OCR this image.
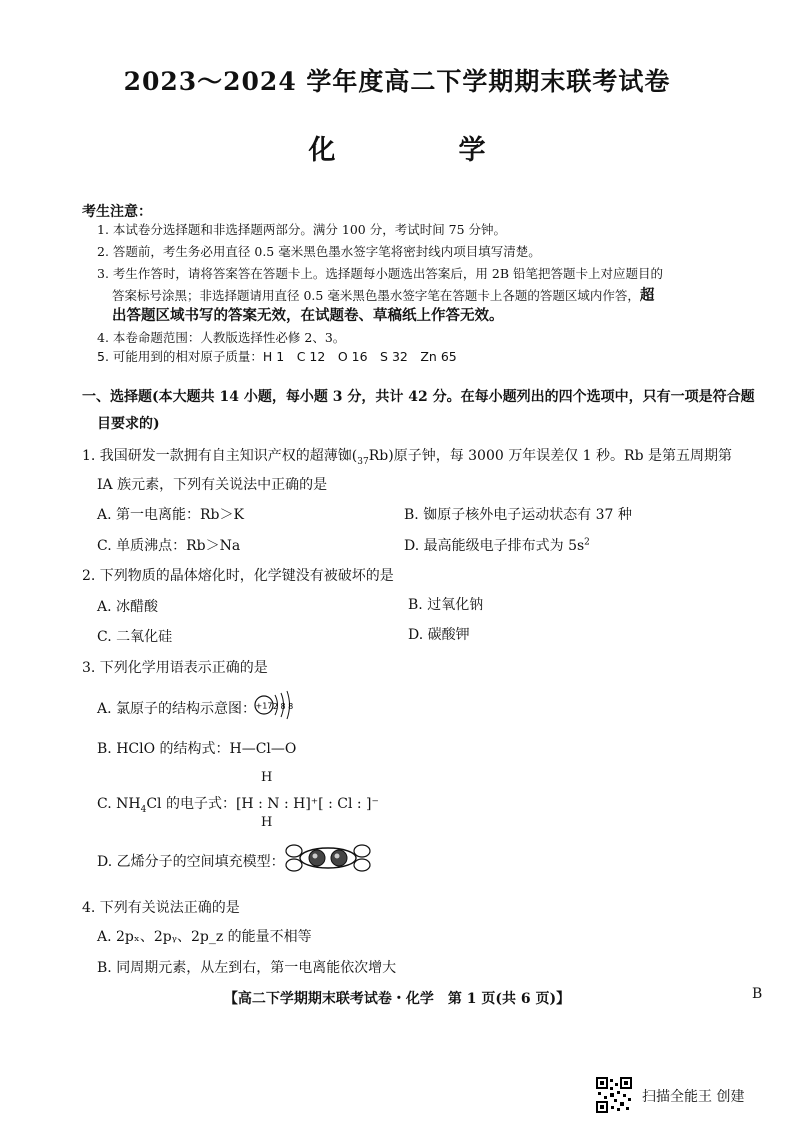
2023～2024 学年度高二下学期期末联考试卷
化　学
考生注意：
1. 本试卷分选择题和非选择题两部分。满分 100 分，考试时间 75 分钟。
2. 答题前，考生务必用直径 0.5 毫米黑色墨水签字笔将密封线内项目填写清楚。
3. 考生作答时，请将答案答在答题卡上。选择题每小题选出答案后，用 2B 铅笔把答题卡上对应题目的
答案标号涂黑；非选择题请用直径 0.5 毫米黑色墨水签字笔在答题卡上各题的答题区域内作答，超
出答题区域书写的答案无效，在试题卷、草稿纸上作答无效。
4. 本卷命题范围：人教版选择性必修 2、3。
5. 可能用到的相对原子质量：H 1　C 12　O 16　S 32　Zn 65
一、选择题(本大题共 14 小题，每小题 3 分，共计 42 分。在每小题列出的四个选项中，只有一项是符合题
目要求的)
1. 我国研发一款拥有自主知识产权的超薄铷$(_{37}Rb)$原子钟，每 3000 万年误差仅 1 秒。Rb 是第五周期第
ⅠA 族元素，下列有关说法中正确的是
A. 第一电离能：Rb＞K	B. 铷原子核外电子运动状态有 37 种
C. 单质沸点：Rb＞Na	D. 最高能级电子排布式为 $5s^2$
2. 下列物质的晶体熔化时，化学键没有被破坏的是
A. 冰醋酸	B. 过氧化钠
C. 二氧化硅	D. 碳酸钾
3. 下列化学用语表示正确的是
A. 氯原子的结构示意图： +17 2 8 8
B. HClO 的结构式：H—Cl—O
H
C. $NH_4Cl$ 的电子式：[H : N : H]⁺[ : Cl : ]⁻
H
D. 乙烯分子的空间填充模型：
4. 下列有关说法正确的是
A. 2pₓ、2pᵧ、2p_z 的能量不相等
B. 同周期元素，从左到右，第一电离能依次增大
【高二下学期期末联考试卷・化学　第 1 页(共 6 页)】	B
扫描全能王 创建
